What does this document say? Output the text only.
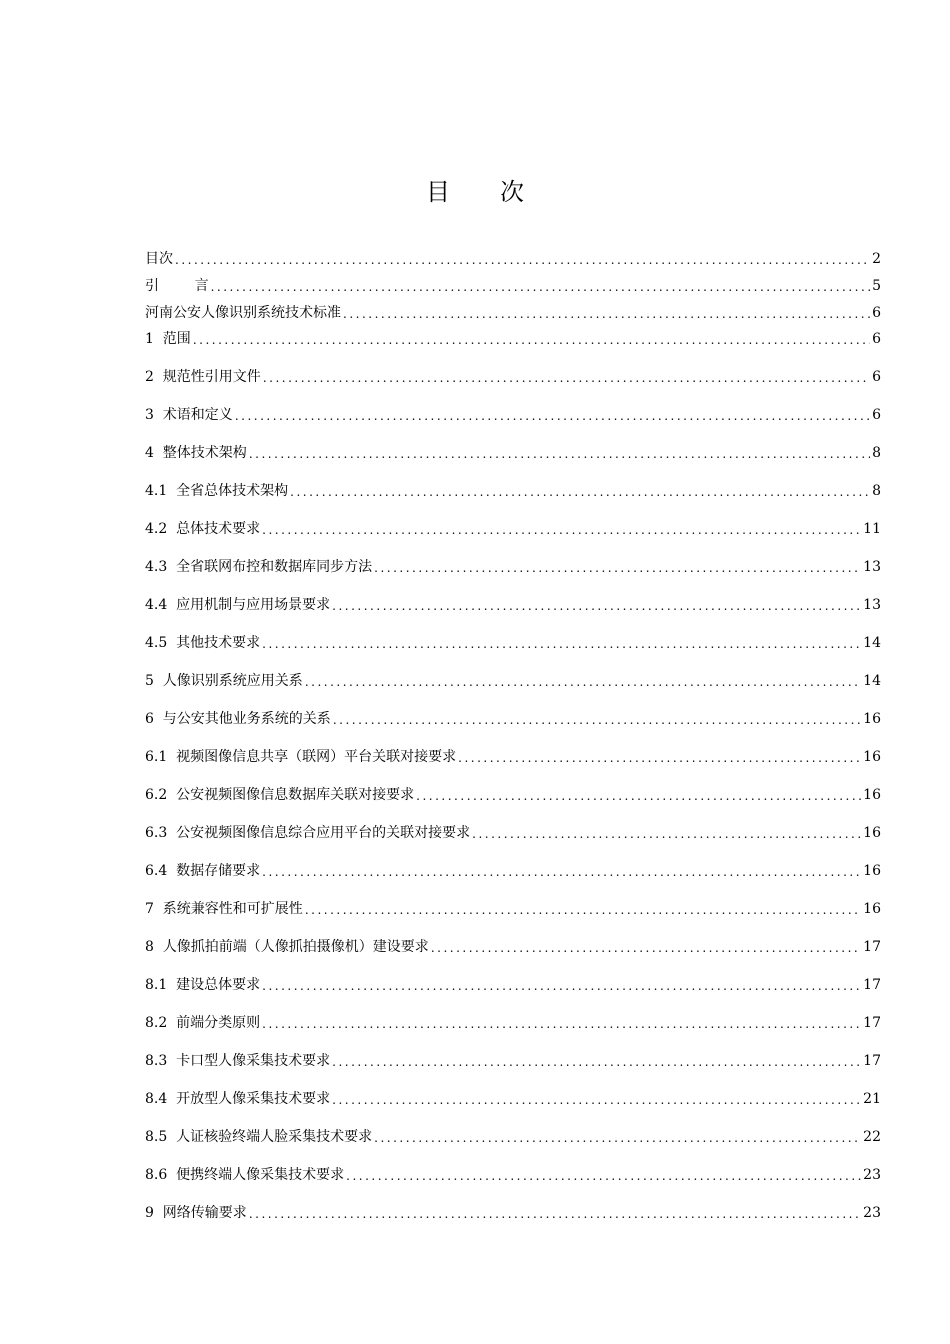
目 次
目次 .....	2
引        言 .....	5
河南公安人像识别系统技术标准 .....	6
1  范围 .....	6
2  规范性引用文件 .....	6
3  术语和定义 .....	6
4  整体技术架构 .....	8
4.1  全省总体技术架构 .....	8
4.2  总体技术要求 .....	11
4.3  全省联网布控和数据库同步方法 .....	13
4.4  应用机制与应用场景要求 .....	13
4.5  其他技术要求 .....	14
5  人像识别系统应用关系 .....	14
6  与公安其他业务系统的关系 .....	16
6.1  视频图像信息共享（联网）平台关联对接要求 .....	16
6.2  公安视频图像信息数据库关联对接要求 .....	16
6.3  公安视频图像信息综合应用平台的关联对接要求 .....	16
6.4  数据存储要求 .....	16
7  系统兼容性和可扩展性 .....	16
8  人像抓拍前端（人像抓拍摄像机）建设要求 .....	17
8.1  建设总体要求 .....	17
8.2  前端分类原则 .....	17
8.3  卡口型人像采集技术要求 .....	17
8.4  开放型人像采集技术要求 .....	21
8.5  人证核验终端人脸采集技术要求 .....	22
8.6  便携终端人像采集技术要求 .....	23
9  网络传输要求 .....	23
